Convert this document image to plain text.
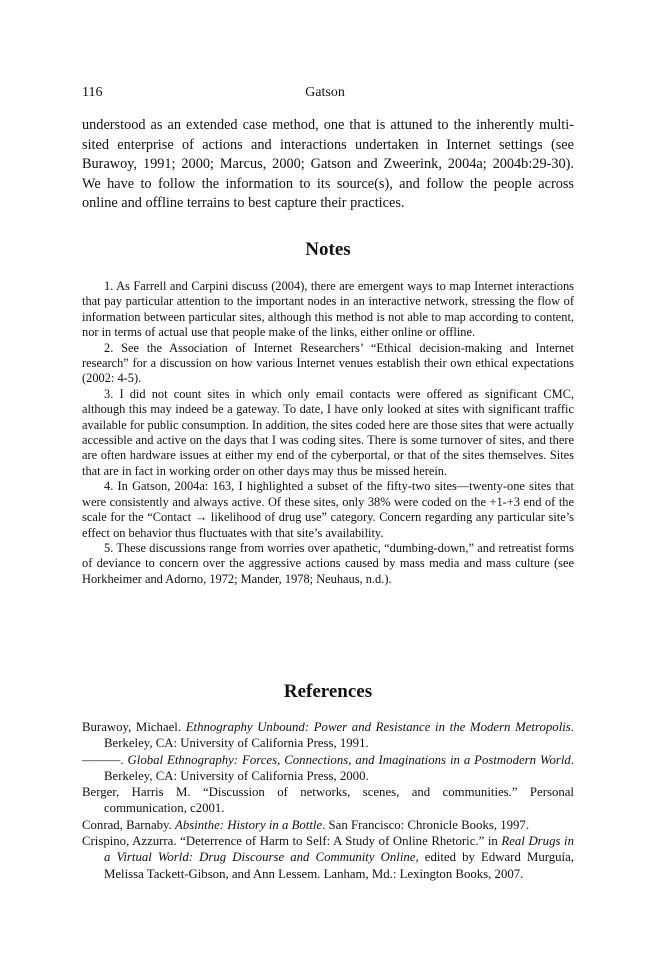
116	Gatson

understood as an extended case method, one that is attuned to the inherently multi-sited enterprise of actions and interactions undertaken in Internet settings (see Burawoy, 1991; 2000; Marcus, 2000; Gatson and Zweerink, 2004a; 2004b:29-30). We have to follow the information to its source(s), and follow the people across online and offline terrains to best capture their practices.

Notes

1. As Farrell and Carpini discuss (2004), there are emergent ways to map Internet interactions that pay particular attention to the important nodes in an interactive network, stressing the flow of information between particular sites, although this method is not able to map according to content, nor in terms of actual use that people make of the links, either online or offline.

2. See the Association of Internet Researchers’ “Ethical decision-making and Internet research” for a discussion on how various Internet venues establish their own ethical expectations (2002: 4-5).

3. I did not count sites in which only email contacts were offered as significant CMC, although this may indeed be a gateway. To date, I have only looked at sites with significant traffic available for public consumption. In addition, the sites coded here are those sites that were actually accessible and active on the days that I was coding sites. There is some turnover of sites, and there are often hardware issues at either my end of the cyberportal, or that of the sites themselves. Sites that are in fact in working order on other days may thus be missed herein.

4. In Gatson, 2004a: 163, I highlighted a subset of the fifty-two sites—twenty-one sites that were consistently and always active. Of these sites, only 38% were coded on the +1-+3 end of the scale for the “Contact → likelihood of drug use” category. Concern regarding any particular site’s effect on behavior thus fluctuates with that site’s availability.

5. These discussions range from worries over apathetic, “dumbing-down,” and retreatist forms of deviance to concern over the aggressive actions caused by mass media and mass culture (see Horkheimer and Adorno, 1972; Mander, 1978; Neuhaus, n.d.).

References

Burawoy, Michael. Ethnography Unbound: Power and Resistance in the Modern Metropolis. Berkeley, CA: University of California Press, 1991.

———. Global Ethnography: Forces, Connections, and Imaginations in a Postmodern World. Berkeley, CA: University of California Press, 2000.

Berger, Harris M. “Discussion of networks, scenes, and communities.” Personal communication, c2001.

Conrad, Barnaby. Absinthe: History in a Bottle. San Francisco: Chronicle Books, 1997.

Crispino, Azzurra. “Deterrence of Harm to Self: A Study of Online Rhetoric.” in Real Drugs in a Virtual World: Drug Discourse and Community Online, edited by Edward Murguía, Melissa Tackett-Gibson, and Ann Lessem. Lanham, Md.: Lexington Books, 2007.
